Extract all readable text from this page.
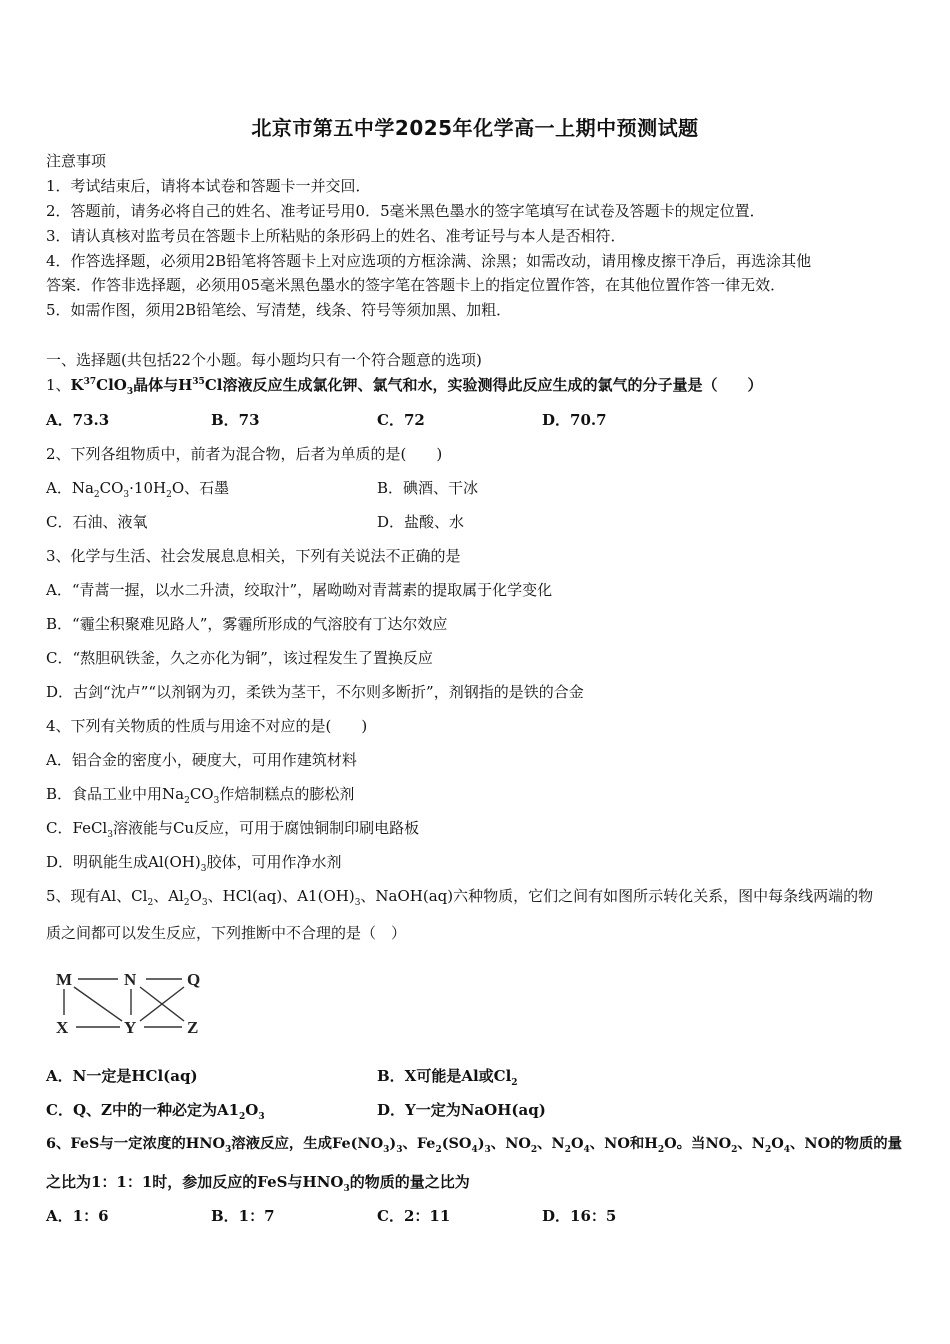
北京市第五中学2025年化学高一上期中预测试题
注意事项
1．考试结束后，请将本试卷和答题卡一并交回．
2．答题前，请务必将自己的姓名、准考证号用0．5毫米黑色墨水的签字笔填写在试卷及答题卡的规定位置．
3．请认真核对监考员在答题卡上所粘贴的条形码上的姓名、准考证号与本人是否相符．
4．作答选择题，必须用2B铅笔将答题卡上对应选项的方框涂满、涂黑；如需改动，请用橡皮擦干净后，再选涂其他
答案．作答非选择题，必须用05毫米黑色墨水的签字笔在答题卡上的指定位置作答，在其他位置作答一律无效．
5．如需作图，须用2B铅笔绘、写清楚，线条、符号等须加黑、加粗．
一、选择题(共包括22个小题。每小题均只有一个符合题意的选项)
1、$K^{37}ClO_3$晶体与$H^{35}Cl$溶液反应生成氯化钾、氯气和水，实验测得此反应生成的氯气的分子量是（　　）
A．73.3	B．73	C．72	D．70.7
2、下列各组物质中，前者为混合物，后者为单质的是(　　)
A．$Na_2CO_3\cdot 10H_2O$、石墨	B．碘酒、干冰
C．石油、液氧	D．盐酸、水
3、化学与生活、社会发展息息相关，下列有关说法不正确的是
A．“青蒿一握，以水二升渍，绞取汁”，屠呦呦对青蒿素的提取属于化学变化
B．“霾尘积聚难见路人”，雾霾所形成的气溶胶有丁达尔效应
C．“熬胆矾铁釜，久之亦化为铜”，该过程发生了置换反应
D．古剑“沈卢”“以剂钢为刃，柔铁为茎干，不尔则多断折”，剂钢指的是铁的合金
4、下列有关物质的性质与用途不对应的是(　　)
A．铝合金的密度小，硬度大，可用作建筑材料
B．食品工业中用$Na_2CO_3$作焙制糕点的膨松剂
C．FeCl$_3$溶液能与Cu反应，可用于腐蚀铜制印刷电路板
D．明矾能生成$Al(OH)_3$胶体，可用作净水剂
5、现有Al、$Cl_2$、$Al_2O_3$、HCl(aq)、$A1(OH)_3$、NaOH(aq)六种物质，它们之间有如图所示转化关系，图中每条线两端的物
质之间都可以发生反应，下列推断中不合理的是（　）
M	N	Q
X	Y	Z
A．N一定是HCl(aq)	B．X可能是Al或$Cl_2$
C．Q、Z中的一种必定为$A1_2O_3$	D．Y一定为NaOH(aq)
6、FeS与一定浓度的$HNO_3$溶液反应，生成$Fe(NO_3)_3$、$Fe_2(SO_4)_3$、$NO_2$、$N_2O_4$、NO和$H_2O$。当$NO_2$、$N_2O_4$、NO的物质的量
之比为1：1：1时，参加反应的FeS与$HNO_3$的物质的量之比为
A．1：6	B．1：7	C．2：11	D．16：5
